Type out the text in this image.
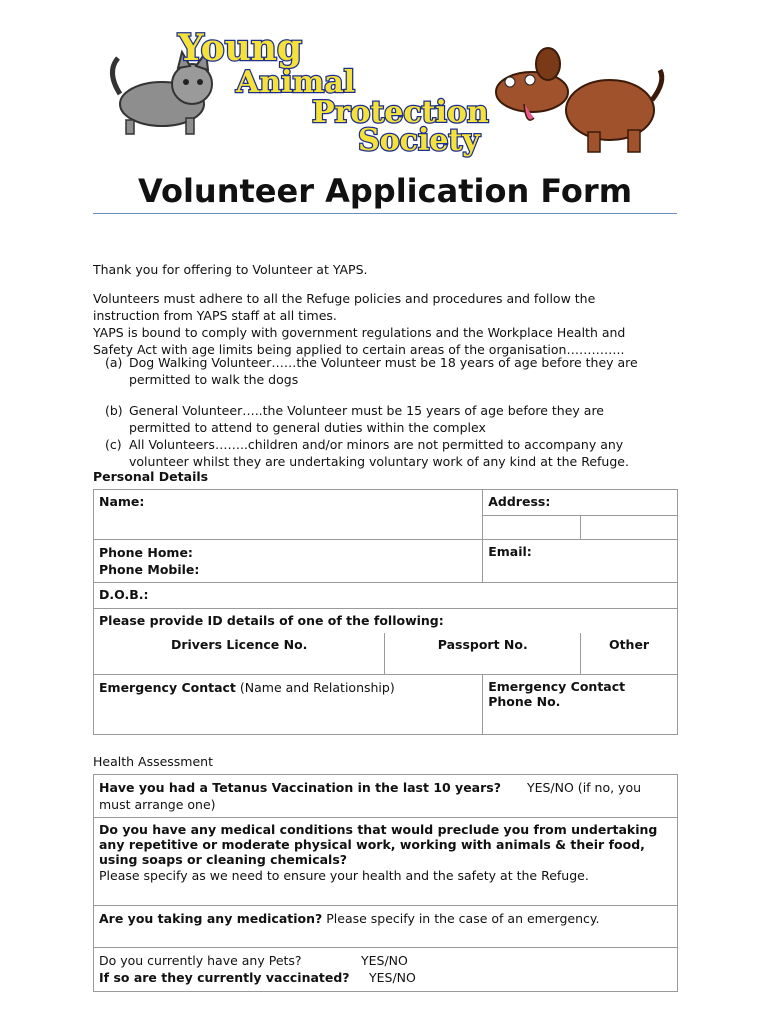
Young
Animal
Protection
Society
Volunteer Application Form
Thank you for offering to Volunteer at YAPS.
Volunteers must adhere to all the Refuge policies and procedures and follow the instruction from YAPS staff at all times.
YAPS is bound to comply with government regulations and the Workplace Health and Safety Act with age limits being applied to certain areas of the organisation…………..
(a) Dog Walking Volunteer……the Volunteer must be 18 years of age before they are permitted to walk the dogs
(b) General Volunteer…..the Volunteer must be 15 years of age before they are permitted to attend to general duties within the complex
(c) All Volunteers……..children and/or minors are not permitted to accompany any volunteer whilst they are undertaking voluntary work of any kind at the Refuge.
Personal Details
Name:		Address:	

Phone Home:
Phone Mobile:		Email:	
D.O.B.:			
Please provide ID details of one of the following:			
Drivers Licence No.	Passport No.		Other
Emergency Contact (Name and Relationship)		Emergency Contact Phone No.	
Health Assessment
Have you had a Tetanus Vaccination in the last 10 years? YES/NO (if no, you must arrange one)

Do you have any medical conditions that would preclude you from undertaking any repetitive or moderate physical work, working with animals & their food, using soaps or cleaning chemicals?
Please specify as we need to ensure your health and the safety at the Refuge.

Are you taking any medication? Please specify in the case of an emergency.

Do you currently have any Pets?	YES/NO
If so are they currently vaccinated? YES/NO
